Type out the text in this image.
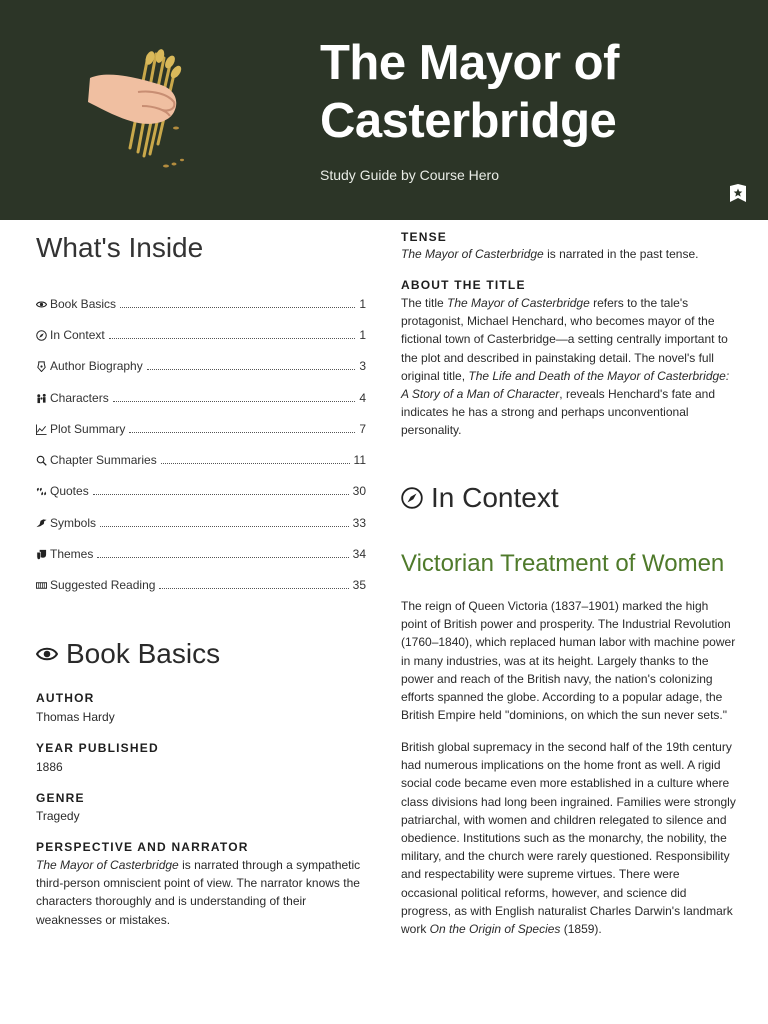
The Mayor of Casterbridge
Study Guide by Course Hero
What's Inside
Book Basics	1
In Context	1
Author Biography	3
Characters	4
Plot Summary	7
Chapter Summaries	11
Quotes	30
Symbols	33
Themes	34
Suggested Reading	35
Book Basics
AUTHOR
Thomas Hardy
YEAR PUBLISHED
1886
GENRE
Tragedy
PERSPECTIVE AND NARRATOR

The Mayor of Casterbridge is narrated through a sympathetic third-person omniscient point of view. The narrator knows the characters thoroughly and is understanding of their weaknesses or mistakes.

TENSE

The Mayor of Casterbridge is narrated in the past tense.

ABOUT THE TITLE

The title The Mayor of Casterbridge refers to the tale's protagonist, Michael Henchard, who becomes mayor of the fictional town of Casterbridge—a setting centrally important to the plot and described in painstaking detail. The novel's full original title, The Life and Death of the Mayor of Casterbridge: A Story of a Man of Character, reveals Henchard's fate and indicates he has a strong and perhaps unconventional personality.

In Context
Victorian Treatment of Women

The reign of Queen Victoria (1837–1901) marked the high point of British power and prosperity. The Industrial Revolution (1760–1840), which replaced human labor with machine power in many industries, was at its height. Largely thanks to the power and reach of the British navy, the nation's colonizing efforts spanned the globe. According to a popular adage, the British Empire held "dominions, on which the sun never sets."

British global supremacy in the second half of the 19th century had numerous implications on the home front as well. A rigid social code became even more established in a culture where class divisions had long been ingrained. Families were strongly patriarchal, with women and children relegated to silence and obedience. Institutions such as the monarchy, the nobility, the military, and the church were rarely questioned. Responsibility and respectability were supreme virtues. There were occasional political reforms, however, and science did progress, as with English naturalist Charles Darwin's landmark work On the Origin of Species (1859).
